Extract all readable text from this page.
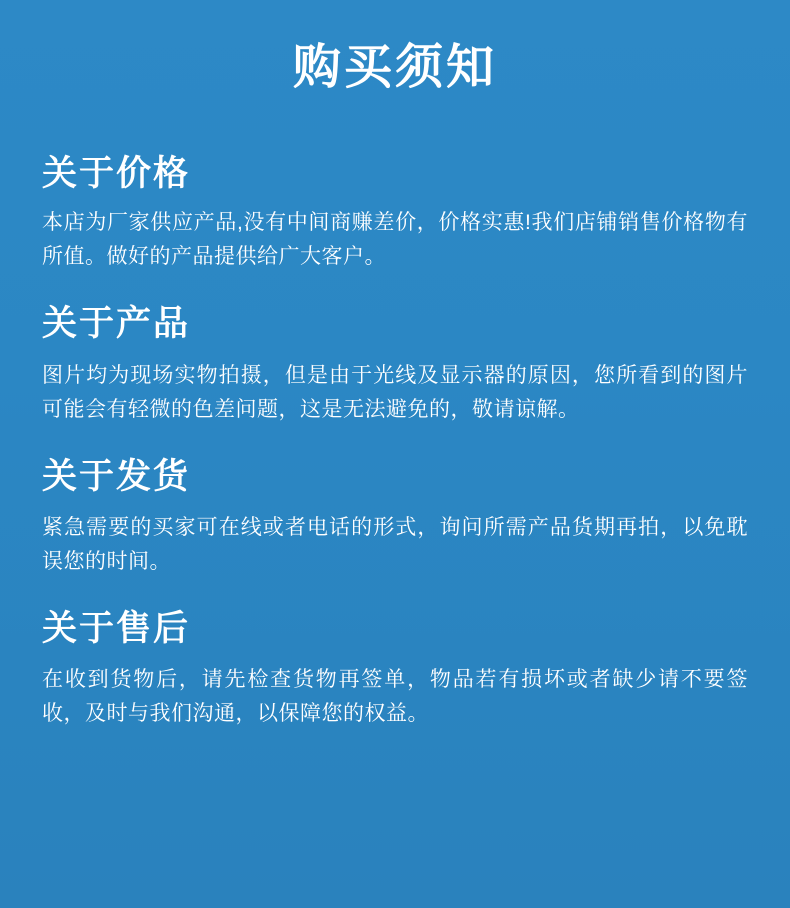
购买须知
关于价格

本店为厂家供应产品,没有中间商赚差价，价格实惠!我们店铺销售价格物有所值。做好的产品提供给广大客户。

关于产品

图片均为现场实物拍摄，但是由于光线及显示器的原因，您所看到的图片可能会有轻微的色差问题，这是无法避免的，敬请谅解。

关于发货

紧急需要的买家可在线或者电话的形式，询问所需产品货期再拍，以免耽误您的时间。

关于售后

在收到货物后，请先检查货物再签单，物品若有损坏或者缺少请不要签收，及时与我们沟通，以保障您的权益。
